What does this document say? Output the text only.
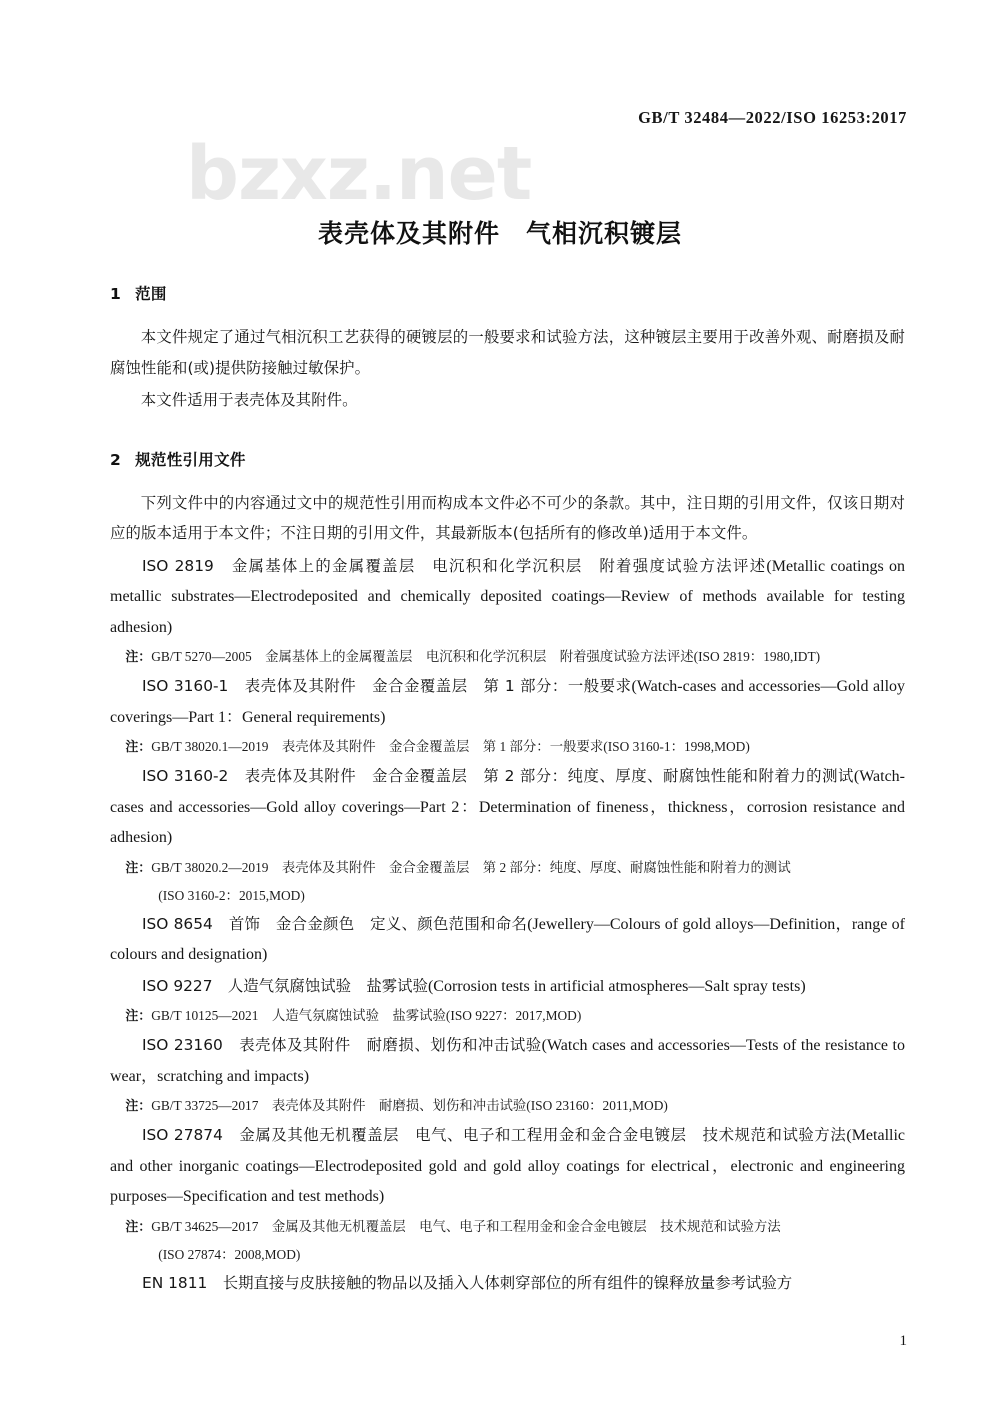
bzxz.net
GB/T 32484—2022/ISO 16253:2017
表壳体及其附件　气相沉积镀层
1 范围

本文件规定了通过气相沉积工艺获得的硬镀层的一般要求和试验方法，这种镀层主要用于改善外观、耐磨损及耐腐蚀性能和(或)提供防接触过敏保护。

本文件适用于表壳体及其附件。

2 规范性引用文件

下列文件中的内容通过文中的规范性引用而构成本文件必不可少的条款。其中，注日期的引用文件，仅该日期对应的版本适用于本文件；不注日期的引用文件，其最新版本(包括所有的修改单)适用于本文件。

ISO 2819　金属基体上的金属覆盖层　电沉积和化学沉积层　附着强度试验方法评述(Metallic coatings on metallic substrates—Electrodeposited and chemically deposited coatings—Review of methods available for testing adhesion)

注：GB/T 5270—2005　金属基体上的金属覆盖层　电沉积和化学沉积层　附着强度试验方法评述(ISO 2819：1980,IDT)

ISO 3160-1　表壳体及其附件　金合金覆盖层　第 1 部分：一般要求(Watch-cases and accessories—Gold alloy coverings—Part 1：General requirements)

注：GB/T 38020.1—2019　表壳体及其附件　金合金覆盖层　第 1 部分：一般要求(ISO 3160-1：1998,MOD)

ISO 3160-2　表壳体及其附件　金合金覆盖层　第 2 部分：纯度、厚度、耐腐蚀性能和附着力的测试(Watch-cases and accessories—Gold alloy coverings—Part 2：Determination of fineness，thickness，corrosion resistance and adhesion)

注：GB/T 38020.2—2019　表壳体及其附件　金合金覆盖层　第 2 部分：纯度、厚度、耐腐蚀性能和附着力的测试

(ISO 3160-2：2015,MOD)

ISO 8654　首饰　金合金颜色　定义、颜色范围和命名(Jewellery—Colours of gold alloys—Definition，range of colours and designation)

ISO 9227　人造气氛腐蚀试验　盐雾试验(Corrosion tests in artificial atmospheres—Salt spray tests)

注：GB/T 10125—2021　人造气氛腐蚀试验　盐雾试验(ISO 9227：2017,MOD)

ISO 23160　表壳体及其附件　耐磨损、划伤和冲击试验(Watch cases and accessories—Tests of the resistance to wear，scratching and impacts)

注：GB/T 33725—2017　表壳体及其附件　耐磨损、划伤和冲击试验(ISO 23160：2011,MOD)

ISO 27874　金属及其他无机覆盖层　电气、电子和工程用金和金合金电镀层　技术规范和试验方法(Metallic and other inorganic coatings—Electrodeposited gold and gold alloy coatings for electrical，electronic and engineering purposes—Specification and test methods)

注：GB/T 34625—2017　金属及其他无机覆盖层　电气、电子和工程用金和金合金电镀层　技术规范和试验方法

(ISO 27874：2008,MOD)

EN 1811　长期直接与皮肤接触的物品以及插入人体刺穿部位的所有组件的镍释放量参考试验方

1
